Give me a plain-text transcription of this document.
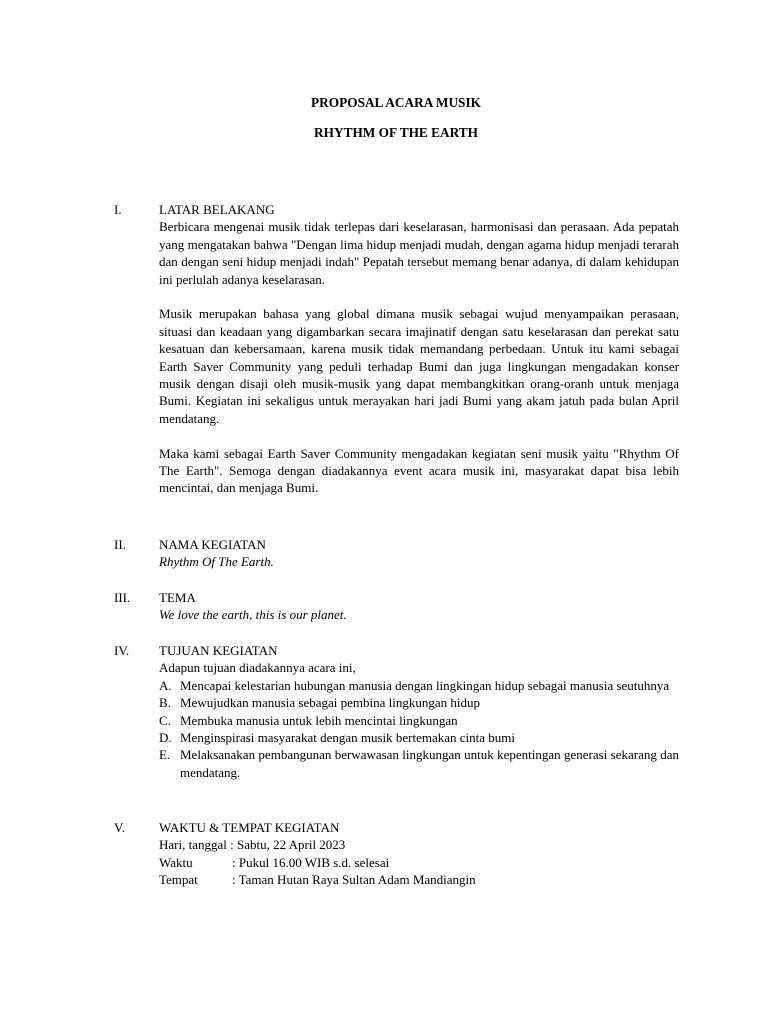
PROPOSAL ACARA MUSIK
RHYTHM OF THE EARTH
I.	LATAR BELAKANG

Berbicara mengenai musik tidak terlepas dari keselarasan, harmonisasi dan perasaan. Ada pepatah yang mengatakan bahwa "Dengan lima hidup menjadi mudah, dengan agama hidup menjadi terarah dan dengan seni hidup menjadi indah" Pepatah tersebut memang benar adanya, di dalam kehidupan ini perlulah adanya keselarasan.

Musik merupakan bahasa yang global dimana musik sebagai wujud menyampaikan perasaan, situasi dan keadaan yang digambarkan secara imajinatif dengan satu keselarasan dan perekat satu kesatuan dan kebersamaan, karena musik tidak memandang perbedaan. Untuk itu kami sebagai Earth Saver Community yang peduli terhadap Bumi dan juga lingkungan mengadakan konser musik dengan disaji oleh musik-musik yang dapat membangkitkan orang-oranh untuk menjaga Bumi. Kegiatan ini sekaligus untuk merayakan hari jadi Bumi yang akam jatuh pada bulan April mendatang.

Maka kami sebagai Earth Saver Community mengadakan kegiatan seni musik yaitu "Rhythm Of The Earth". Semoga dengan diadakannya event acara musik ini, masyarakat dapat bisa lebih mencintai, dan menjaga Bumi.

II.	NAMA KEGIATAN

Rhythm Of The Earth.

III. TEMA

We love the earth, this is our planet.

IV. TUJUAN KEGIATAN

Adapun tujuan diadakannya acara ini,

A. Mencapai kelestarian hubungan manusia dengan lingkingan hidup sebagai manusia seutuhnya
B. Mewujudkan manusia sebagai pembina lingkungan hidup
C. Membuka manusia untuk lebih mencintai lingkungan
D. Menginspirasi masyarakat dengan musik bertemakan cinta bumi
E. Melaksanakan pembangunan berwawasan lingkungan untuk kepentingan generasi sekarang dan mendatang.
V.	WAKTU & TEMPAT KEGIATAN

Hari, tanggal : Sabtu, 22 April 2023

Waktu	: Pukul 16.00 WIB s.d. selesai
Tempat	: Taman Hutan Raya Sultan Adam Mandiangin
